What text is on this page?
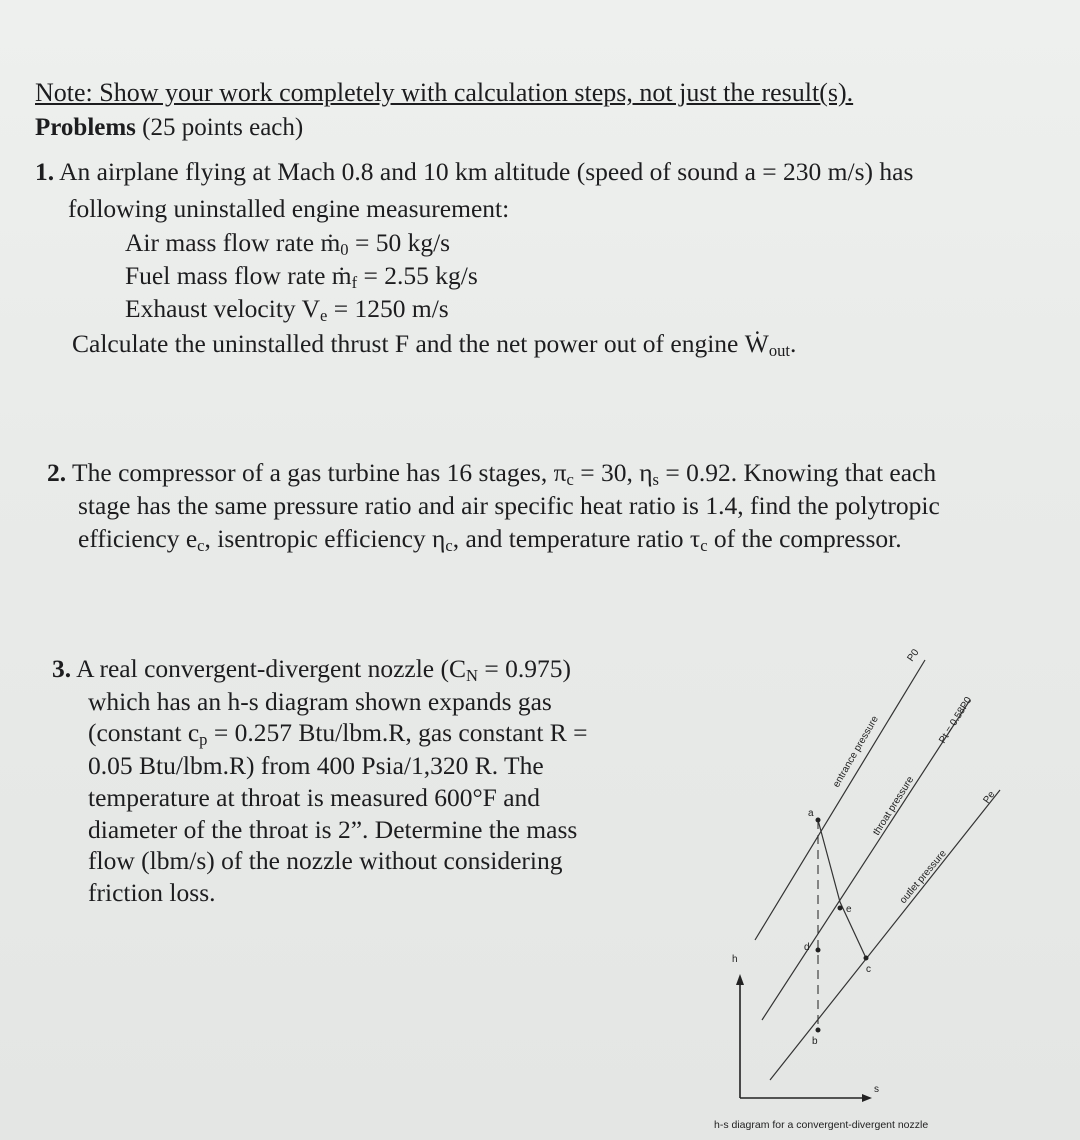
Note: Show your work completely with calculation steps, not just the result(s).
Problems (25 points each)
1. An airplane flying at Mach 0.8 and 10 km altitude (speed of sound a = 230 m/s) has
following uninstalled engine measurement:
Air mass flow rate ṁ$_0$ = 50 kg/s
Fuel mass flow rate ṁ$_f$ = 2.55 kg/s
Exhaust velocity $V_e = 1250$ m/s
Calculate the uninstalled thrust F and the net power out of engine Ẇ$_{out}$.
2. The compressor of a gas turbine has 16 stages, $\pi_c = 30$, $\eta_s = 0.92$. Knowing that each
stage has the same pressure ratio and air specific heat ratio is 1.4, find the polytropic
efficiency $e_c$, isentropic efficiency $\eta_c$, and temperature ratio $\tau_c$ of the compressor.
3. A real convergent-divergent nozzle $(C_N = 0.975)$
which has an h-s diagram shown expands gas
(constant $c_p = 0.257$ Btu/lbm.R, gas constant R =
0.05 Btu/lbm.R) from 400 Psia/1,320 R. The
temperature at throat is measured 600°F and
diameter of the throat is 2”. Determine the mass
flow (lbm/s) of the nozzle without considering
friction loss.
h
s
entrance pressure
throat pressure
outlet pressure
P0
Pt = 0.58P0
Pe
a
b
c
d
e
h-s diagram for a convergent-divergent nozzle
